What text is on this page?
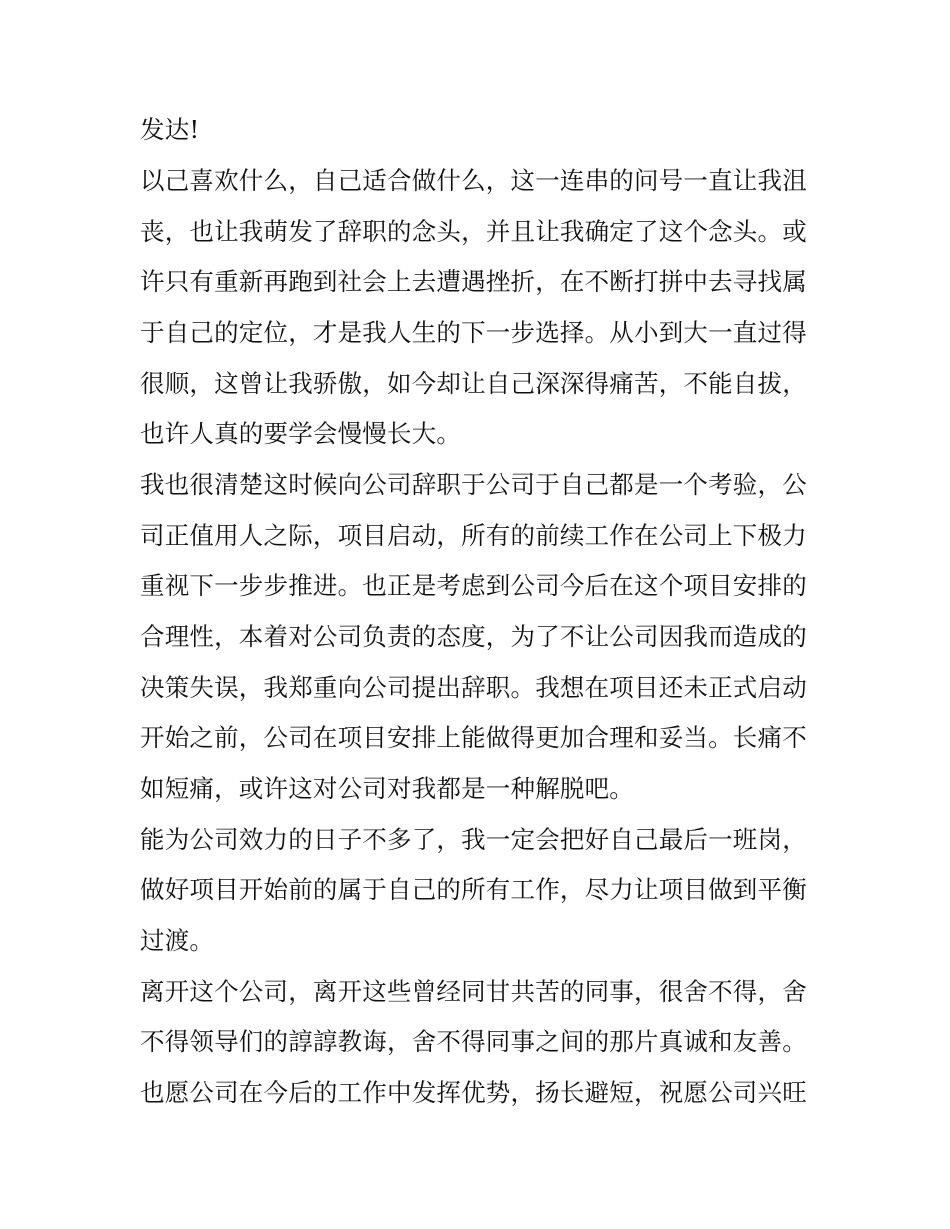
发达!
以己喜欢什么，自己适合做什么，这一连串的问号一直让我沮
丧，也让我萌发了辞职的念头，并且让我确定了这个念头。或
许只有重新再跑到社会上去遭遇挫折，在不断打拼中去寻找属
于自己的定位，才是我人生的下一步选择。从小到大一直过得
很顺，这曾让我骄傲，如今却让自己深深得痛苦，不能自拔，
也许人真的要学会慢慢长大。
我也很清楚这时候向公司辞职于公司于自己都是一个考验，公
司正值用人之际，项目启动，所有的前续工作在公司上下极力
重视下一步步推进。也正是考虑到公司今后在这个项目安排的
合理性，本着对公司负责的态度，为了不让公司因我而造成的
决策失误，我郑重向公司提出辞职。我想在项目还未正式启动
开始之前，公司在项目安排上能做得更加合理和妥当。长痛不
如短痛，或许这对公司对我都是一种解脱吧。
能为公司效力的日子不多了，我一定会把好自己最后一班岗，
做好项目开始前的属于自己的所有工作，尽力让项目做到平衡
过渡。
离开这个公司，离开这些曾经同甘共苦的同事，很舍不得，舍
不得领导们的諄諄教诲，舍不得同事之间的那片真诚和友善。
也愿公司在今后的工作中发挥优势，扬长避短，祝愿公司兴旺
